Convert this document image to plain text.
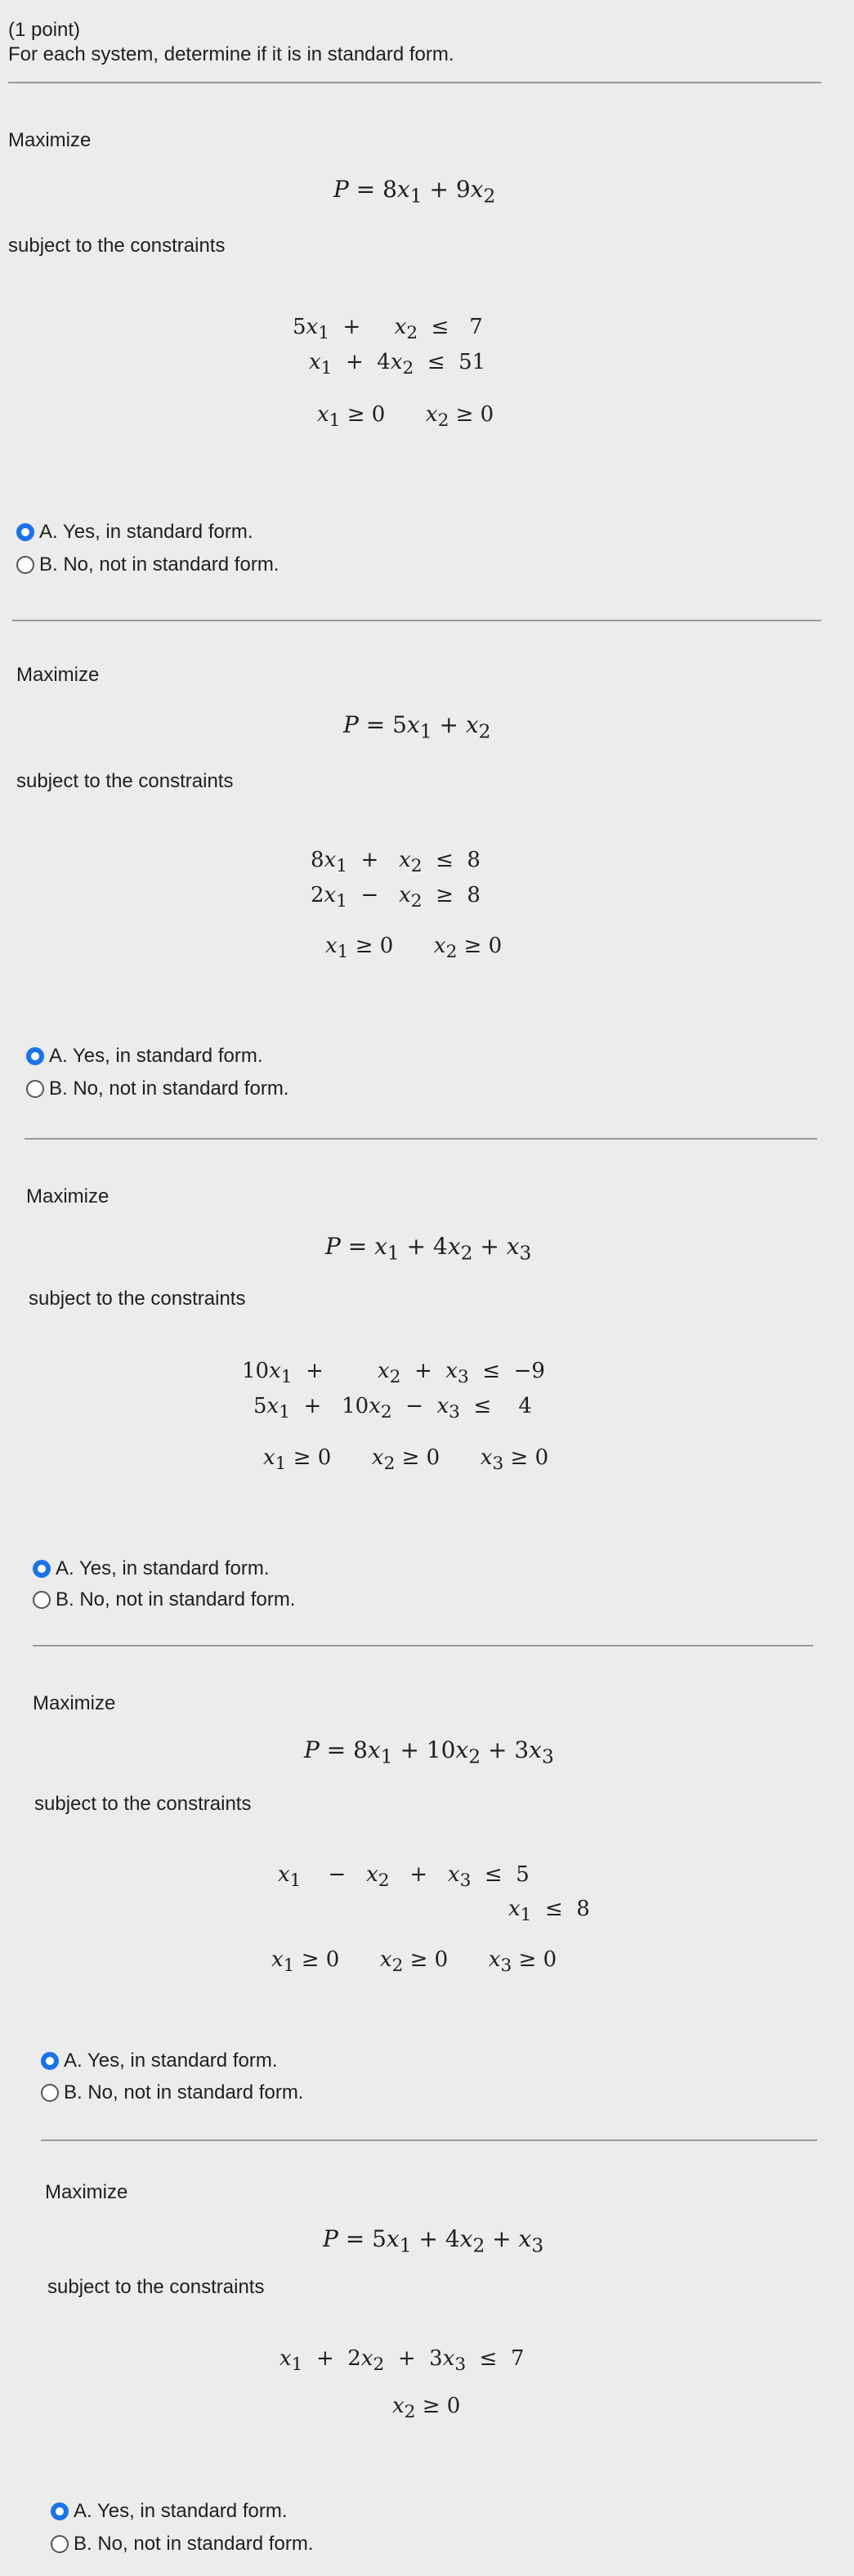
(1 point)
For each system, determine if it is in standard form.
Maximize
$P = 8x_1 + 9x_2$
subject to the constraints
$5x_1$  +     $x_2 \le 7$
$x_1 + 4x_2 \le 51$
$x_1 \ge 0$      $x_2 \ge 0$
A. Yes, in standard form.
B. No, not in standard form.
Maximize
$P = 5x_1 + x_2$
subject to the constraints
$8x_1 + x_2 \le 8$
$2x_1 - x_2 \ge 8$
$x_1 \ge 0$      $x_2 \ge 0$
A. Yes, in standard form.
B. No, not in standard form.
Maximize
$P = x_1 + 4x_2 + x_3$
subject to the constraints
$10x_1$  +        $x_2 + x_3 \le -9$
$5x_1 + 10x_2 - x_3$  ≤    4
$x_1 \ge 0$      $x_2 \ge 0$      $x_3 \ge 0$
A. Yes, in standard form.
B. No, not in standard form.
Maximize
$P = 8x_1 + 10x_2 + 3x_3$
subject to the constraints
$x_1$    −   $x_2 + x_3 \le 5$
$x_1 \le 8$
$x_1 \ge 0$      $x_2 \ge 0$      $x_3 \ge 0$
A. Yes, in standard form.
B. No, not in standard form.
Maximize
$P = 5x_1 + 4x_2 + x_3$
subject to the constraints
$x_1 + 2x_2 + 3x_3 \le 7$
$x_2 \ge 0$
A. Yes, in standard form.
B. No, not in standard form.
